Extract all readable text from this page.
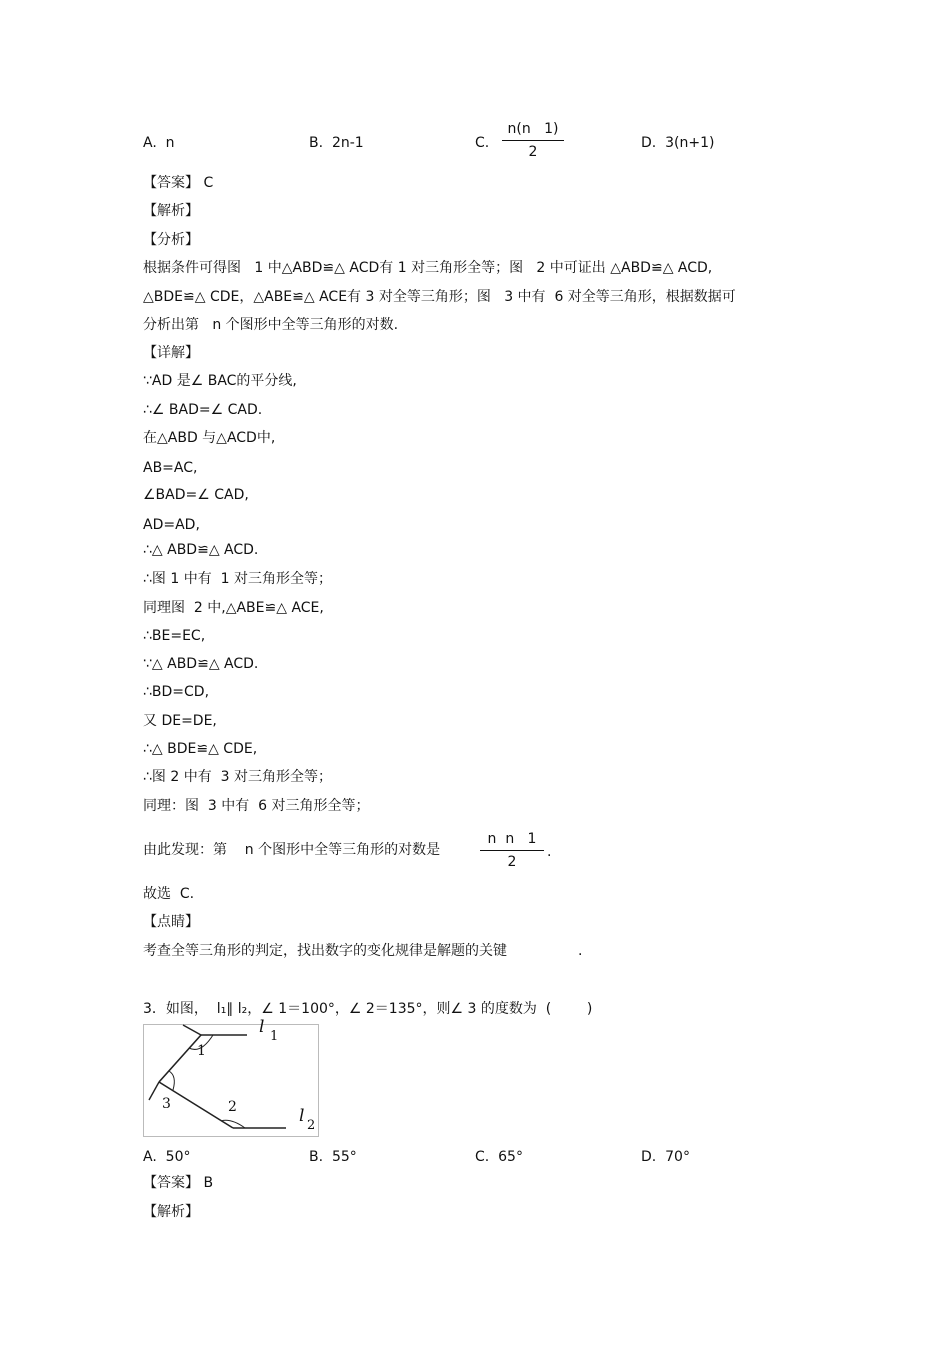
A.  n	B.  2n-1	C.
n(n   1)
2
D.  3(n+1)
【答案】 C
【解析】
【分析】
根据条件可得图   1 中△ABD≌△ ACD有 1 对三角形全等；图   2 中可证出 △ABD≌△ ACD,
△BDE≌△ CDE，△ABE≌△ ACE有 3 对全等三角形；图   3 中有  6 对全等三角形，根据数据可
分析出第   n 个图形中全等三角形的对数.
【详解】
∵AD 是∠ BAC的平分线,
∴∠ BAD=∠ CAD.
在△ABD 与△ACD中,
AB=AC,
∠BAD=∠ CAD,
AD=AD,
∴△ ABD≌△ ACD.
∴图 1 中有  1 对三角形全等；
同理图  2 中,△ABE≌△ ACE,
∴BE=EC,
∵△ ABD≌△ ACD.
∴BD=CD,
又 DE=DE,
∴△ BDE≌△ CDE,
∴图 2 中有  3 对三角形全等；
同理：图  3 中有  6 对三角形全等；
由此发现：第    n 个图形中全等三角形的对数是
n  n   1
2
.
故选  C.
【点睛】
考查全等三角形的判定，找出数字的变化规律是解题的关键	.
3．如图，  l₁∥ l₂，∠ 1＝100°，∠ 2＝135°，则∠ 3 的度数为  (        )
l 1
l 2
1
2
3
A.  50°	B.  55°	C.  65°	D.  70°
【答案】 B
【解析】
